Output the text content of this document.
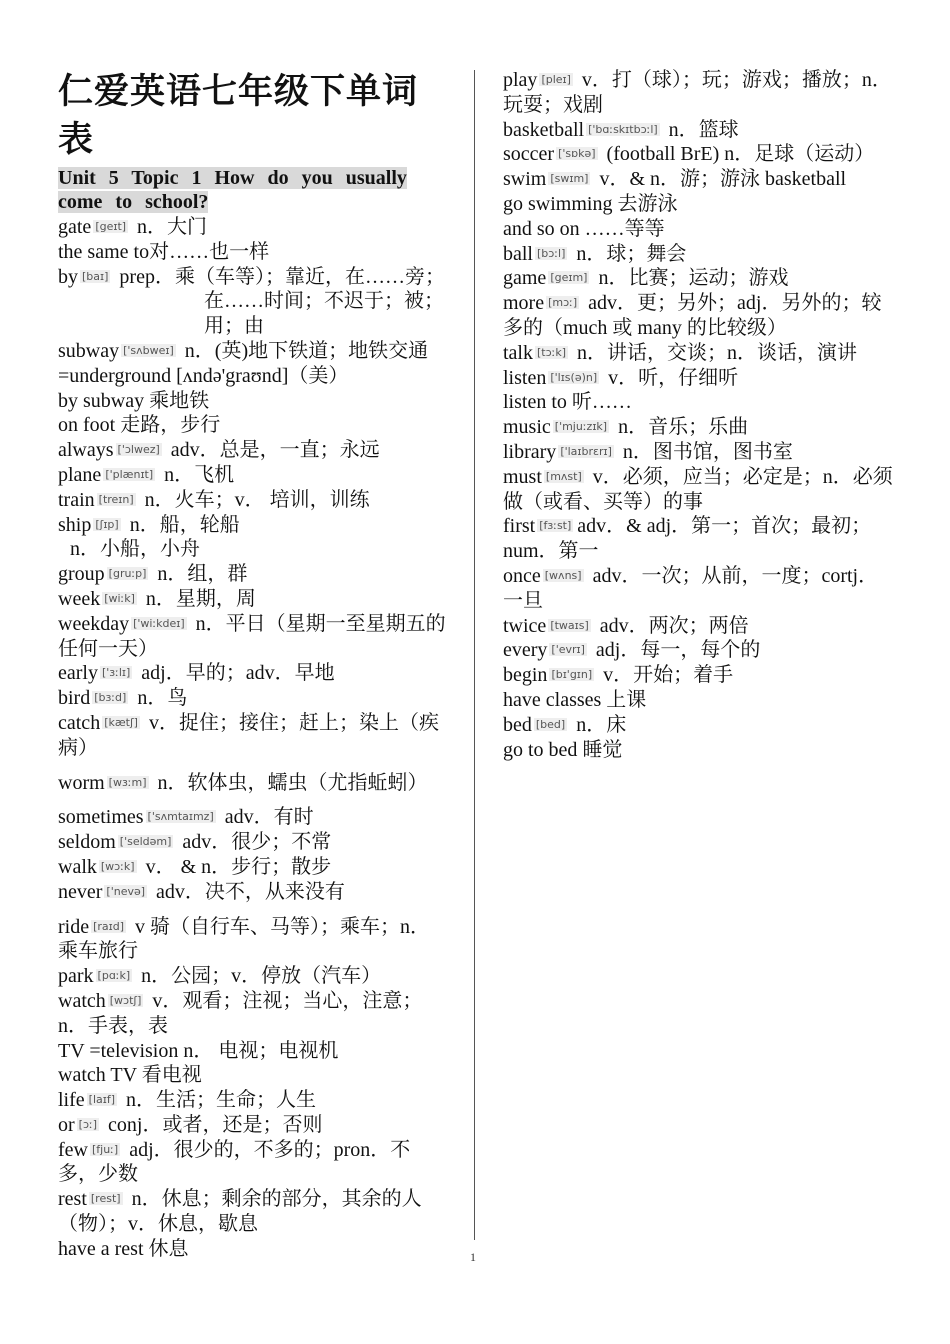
仁爱英语七年级下单词表
Unit 5 Topic 1 How do you usually come to school?
gate [geɪt] n．大门
the same to对……也一样
by [baɪ] prep．乘（车等）；靠近，在……旁；
在……时间；不迟于；被；
用；由
subway ['sʌbweɪ] n．(英)地下铁道；地铁交通=underground [ʌndə'graʊnd]（美）
by subway 乘地铁
on foot 走路，步行
always ['ɔlwez] adv．总是，一直；永远
plane ['plænɪt] n．飞机
train [treɪn] n．火车；v． 培训，训练
ship [ʃɪp] n．船，轮船
n．小船，小舟
group [gruːp] n．组，群
week [wiːk] n．星期，周
weekday ['wiːkdeɪ] n．平日（星期一至星期五的任何一天）
early ['ɜːlɪ] adj．早的；adv．早地
bird [bɜːd] n．鸟
catch [kætʃ] v．捉住；接住；赶上；染上（疾病）
worm [wɜːm] n．软体虫，蠕虫（尤指蚯蚓）
sometimes ['sʌmtaɪmz] adv．有时
seldom ['seldəm] adv．很少；不常
walk [wɔːk] v． & n．步行；散步
never ['nevə] adv．决不，从来没有
ride [raɪd] v 骑（自行车、马等）；乘车；n．
乘车旅行
park [pɑːk] n．公园；v．停放（汽车）
watch [wɔtʃ] v．观看；注视；当心，注意；n．手表，表
TV =television n． 电视；电视机
watch TV 看电视
life [laɪf] n．生活；生命；人生
or [ɔː] conj．或者，还是；否则
few [fjuː] adj．很少的，不多的；pron．不多，少数
rest [rest] n．休息；剩余的部分，其余的人（物）；v．休息，歇息
have a rest 休息
play [pleɪ] v．打（球）；玩；游戏；播放；n．玩耍；戏剧
basketball ['bɑːskɪtbɔːl] n．篮球
soccer ['sɒkə] (football BrE) n．足球（运动）
swim [swɪm] v．& n．游；游泳 basketball
go swimming 去游泳
and so on ……等等
ball [bɔːl] n．球；舞会
game [geɪm] n．比赛；运动；游戏
more [mɔː] adv．更；另外；adj．另外的；较多的（much 或 many 的比较级）
talk [tɔːk] n．讲话，交谈；n．谈话，演讲
listen ['lɪs(ə)n] v．听，仔细听
listen to 听……
music ['mjuːzɪk] n．音乐；乐曲
library ['laɪbrɛrɪ] n．图书馆，图书室
must [mʌst] v．必须，应当；必定是；n．必须做（或看、买等）的事
first [fɜːst] adv．& adj．第一；首次；最初；num．第一
once [wʌns] adv．一次；从前，一度；cortj．一旦
twice [twaɪs] adv．两次；两倍
every ['evrɪ] adj．每一，每个的
begin [bɪ'gɪn] v．开始；着手
have classes 上课
bed [bed] n．床
go to bed 睡觉
1
